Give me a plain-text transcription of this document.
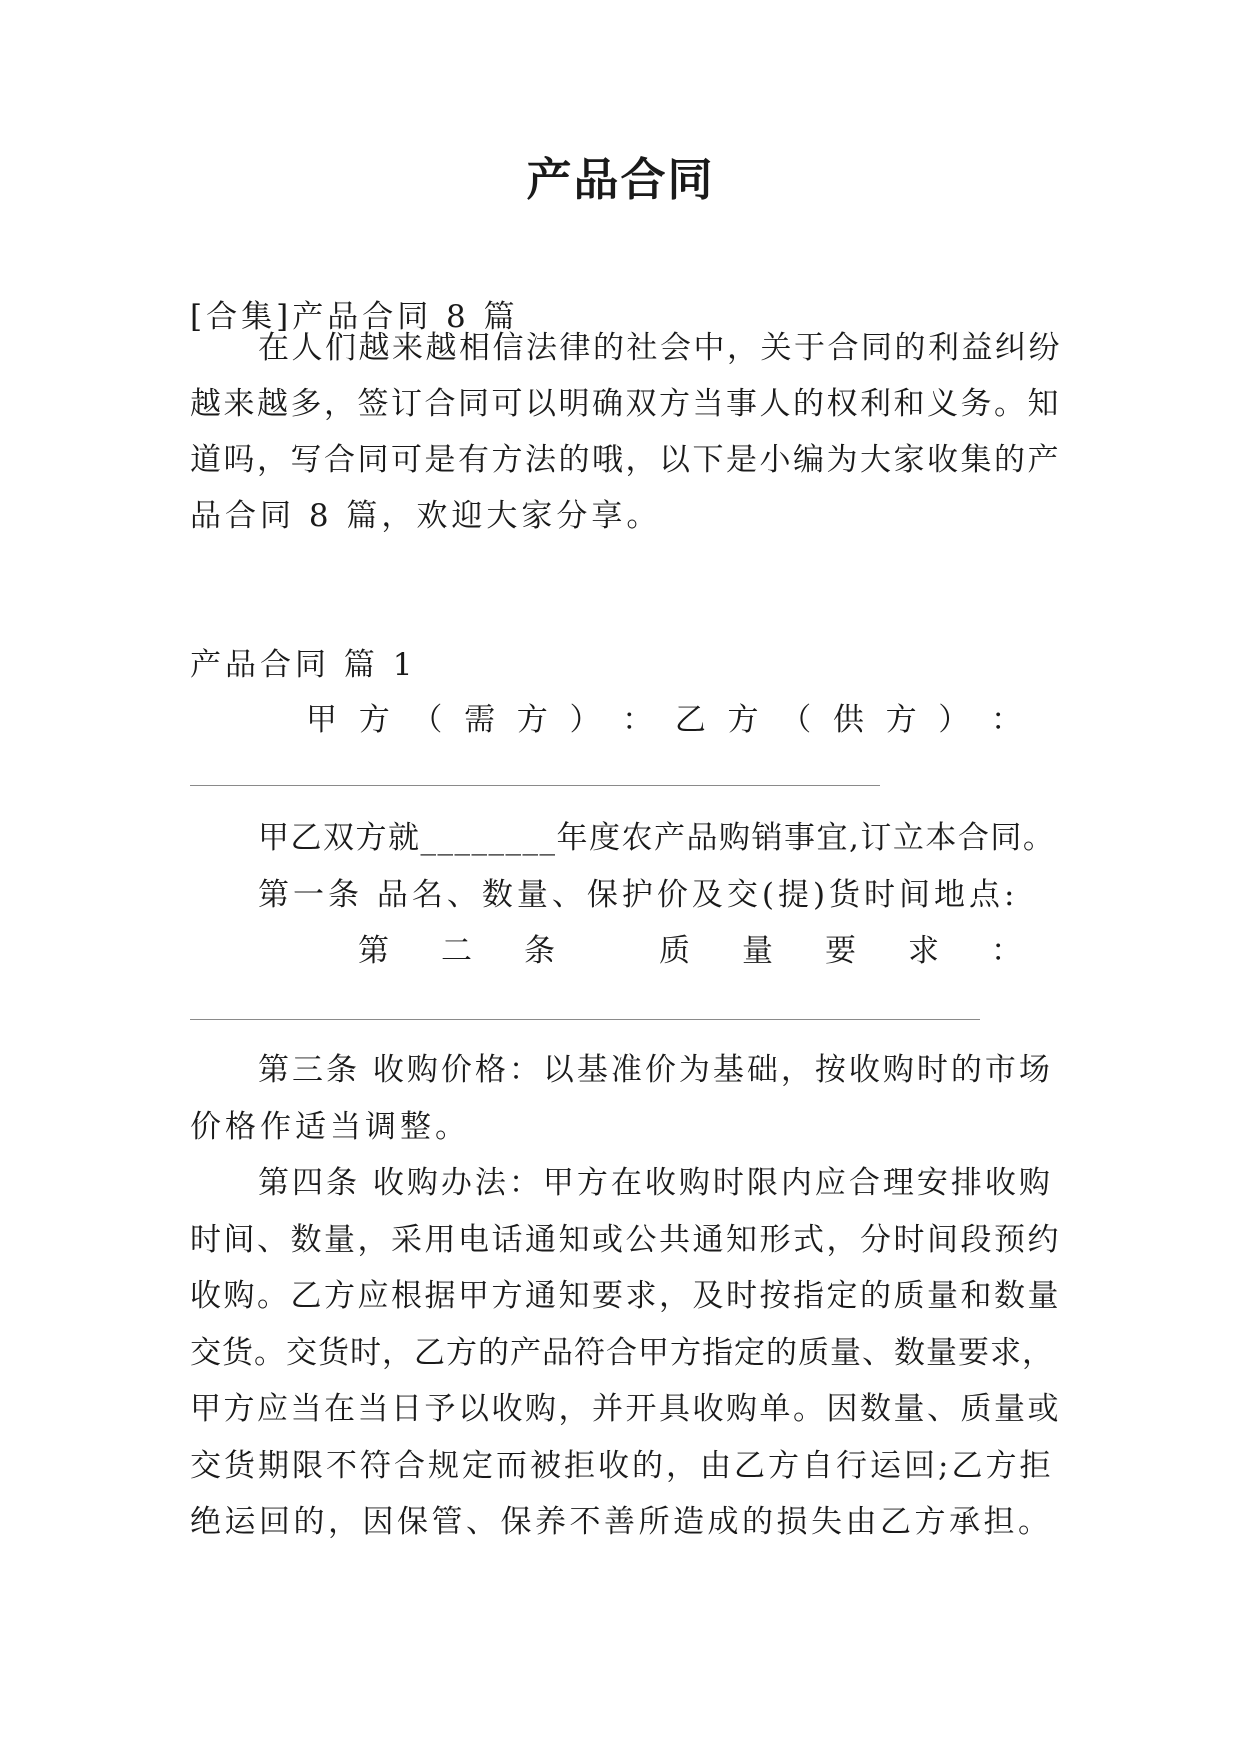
产品合同
[合集]产品合同 8 篇
在人们越来越相信法律的社会中，关于合同的利益纠纷
越来越多，签订合同可以明确双方当事人的权利和义务。知
道吗，写合同可是有方法的哦，以下是小编为大家收集的产
品合同 8 篇，欢迎大家分享。
产品合同 篇 1
甲 方 （ 需 方 ） ： 乙 方 （ 供 方 ） ：
甲乙双方就________年度农产品购销事宜,订立本合同。
第一条 品名、数量、保护价及交(提)货时间地点:
第 二 条	质 量 要 求 ：
第三条 收购价格：以基准价为基础，按收购时的市场
价格作适当调整。
第四条 收购办法：甲方在收购时限内应合理安排收购
时间、数量，采用电话通知或公共通知形式，分时间段预约
收购。乙方应根据甲方通知要求，及时按指定的质量和数量
交货。交货时，乙方的产品符合甲方指定的质量、数量要求，
甲方应当在当日予以收购，并开具收购单。因数量、质量或
交货期限不符合规定而被拒收的，由乙方自行运回;乙方拒
绝运回的，因保管、保养不善所造成的损失由乙方承担。
